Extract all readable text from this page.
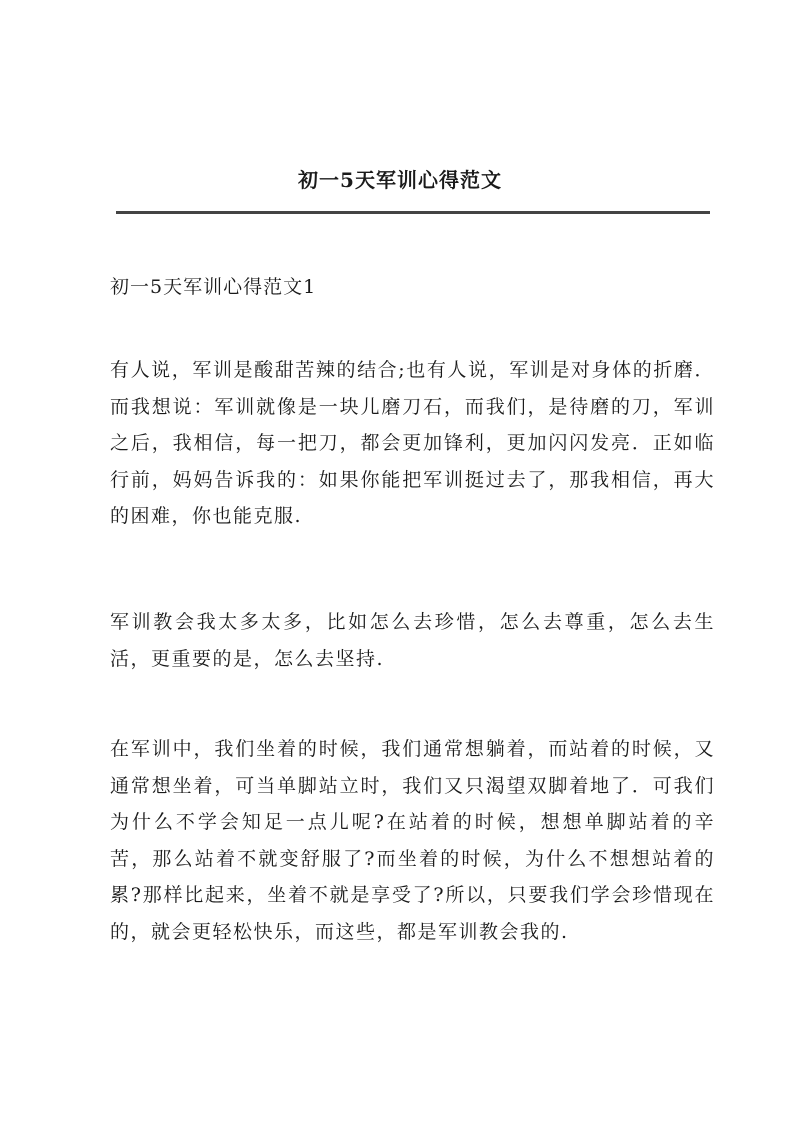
初一5天军训心得范文
初一5天军训心得范文1

有人说，军训是酸甜苦辣的结合;也有人说，军训是对身体的折磨．而我想说：军训就像是一块儿磨刀石，而我们，是待磨的刀，军训之后，我相信，每一把刀，都会更加锋利，更加闪闪发亮．正如临行前，妈妈告诉我的：如果你能把军训挺过去了，那我相信，再大的困难，你也能克服.

军训教会我太多太多，比如怎么去珍惜，怎么去尊重，怎么去生活，更重要的是，怎么去坚持.

在军训中，我们坐着的时候，我们通常想躺着，而站着的时候，又通常想坐着，可当单脚站立时，我们又只渴望双脚着地了．可我们为什么不学会知足一点儿呢?在站着的时候，想想单脚站着的辛苦，那么站着不就变舒服了?而坐着的时候，为什么不想想站着的累?那样比起来，坐着不就是享受了?所以，只要我们学会珍惜现在的，就会更轻松快乐，而这些，都是军训教会我的.
